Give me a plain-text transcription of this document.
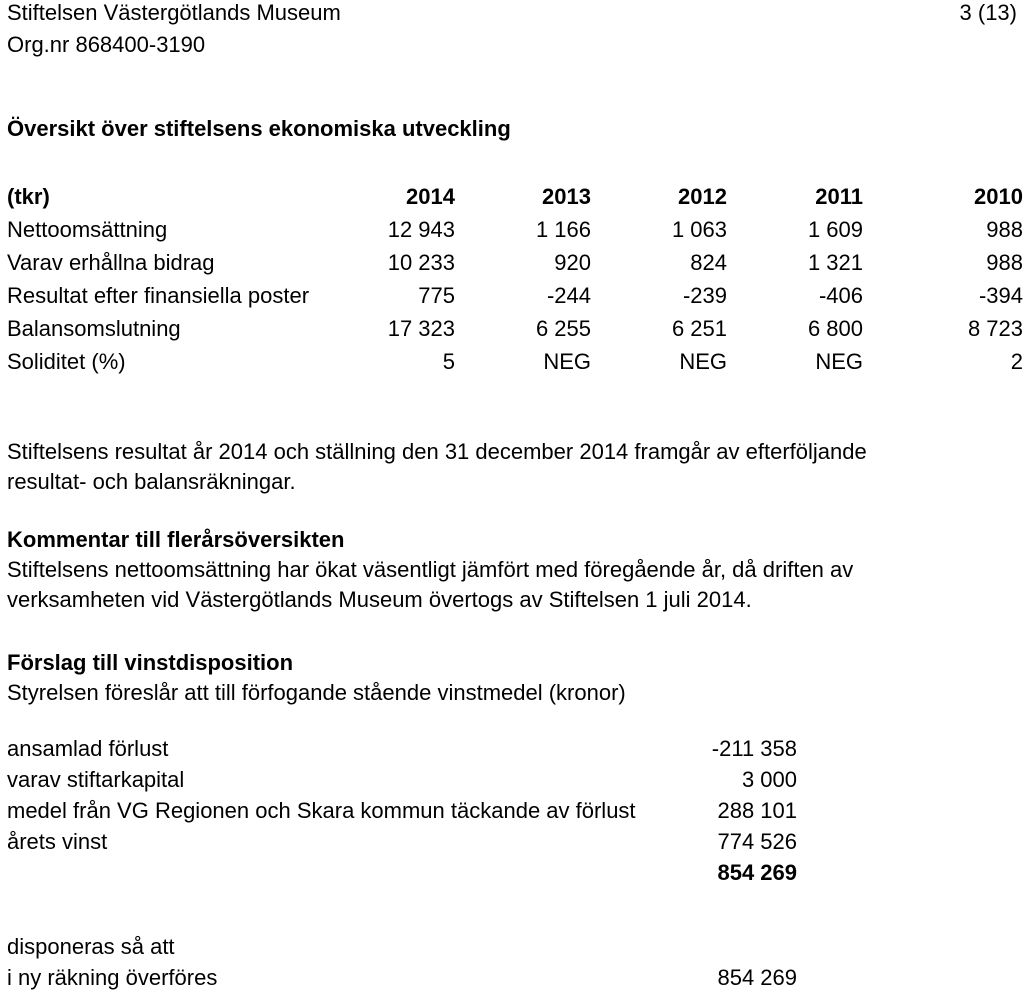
Stiftelsen Västergötlands Museum
Org.nr 868400-3190
3 (13)
Översikt över stiftelsens ekonomiska utveckling
(tkr)	2014	2013	2012	2011	2010
Nettoomsättning	12 943	1 166	1 063	1 609	988
Varav erhållna bidrag	10 233	920	824	1 321	988
Resultat efter finansiella poster	775	-244	-239	-406	-394
Balansomslutning	17 323	6 255	6 251	6 800	8 723
Soliditet (%)	5	NEG	NEG	NEG	2
Stiftelsens resultat år 2014 och ställning den 31 december 2014 framgår av efterföljande
resultat- och balansräkningar.
Kommentar till flerårsöversikten
Stiftelsens nettoomsättning har ökat väsentligt jämfört med föregående år, då driften av
verksamheten vid Västergötlands Museum övertogs av Stiftelsen 1 juli 2014.
Förslag till vinstdisposition
Styrelsen föreslår att till förfogande stående vinstmedel (kronor)
ansamlad förlust	-211 358
varav stiftarkapital	3 000
medel från VG Regionen och Skara kommun täckande av förlust	288 101
årets vinst	774 526
	854 269

disponeras så att	
i ny räkning överföres	854 269
